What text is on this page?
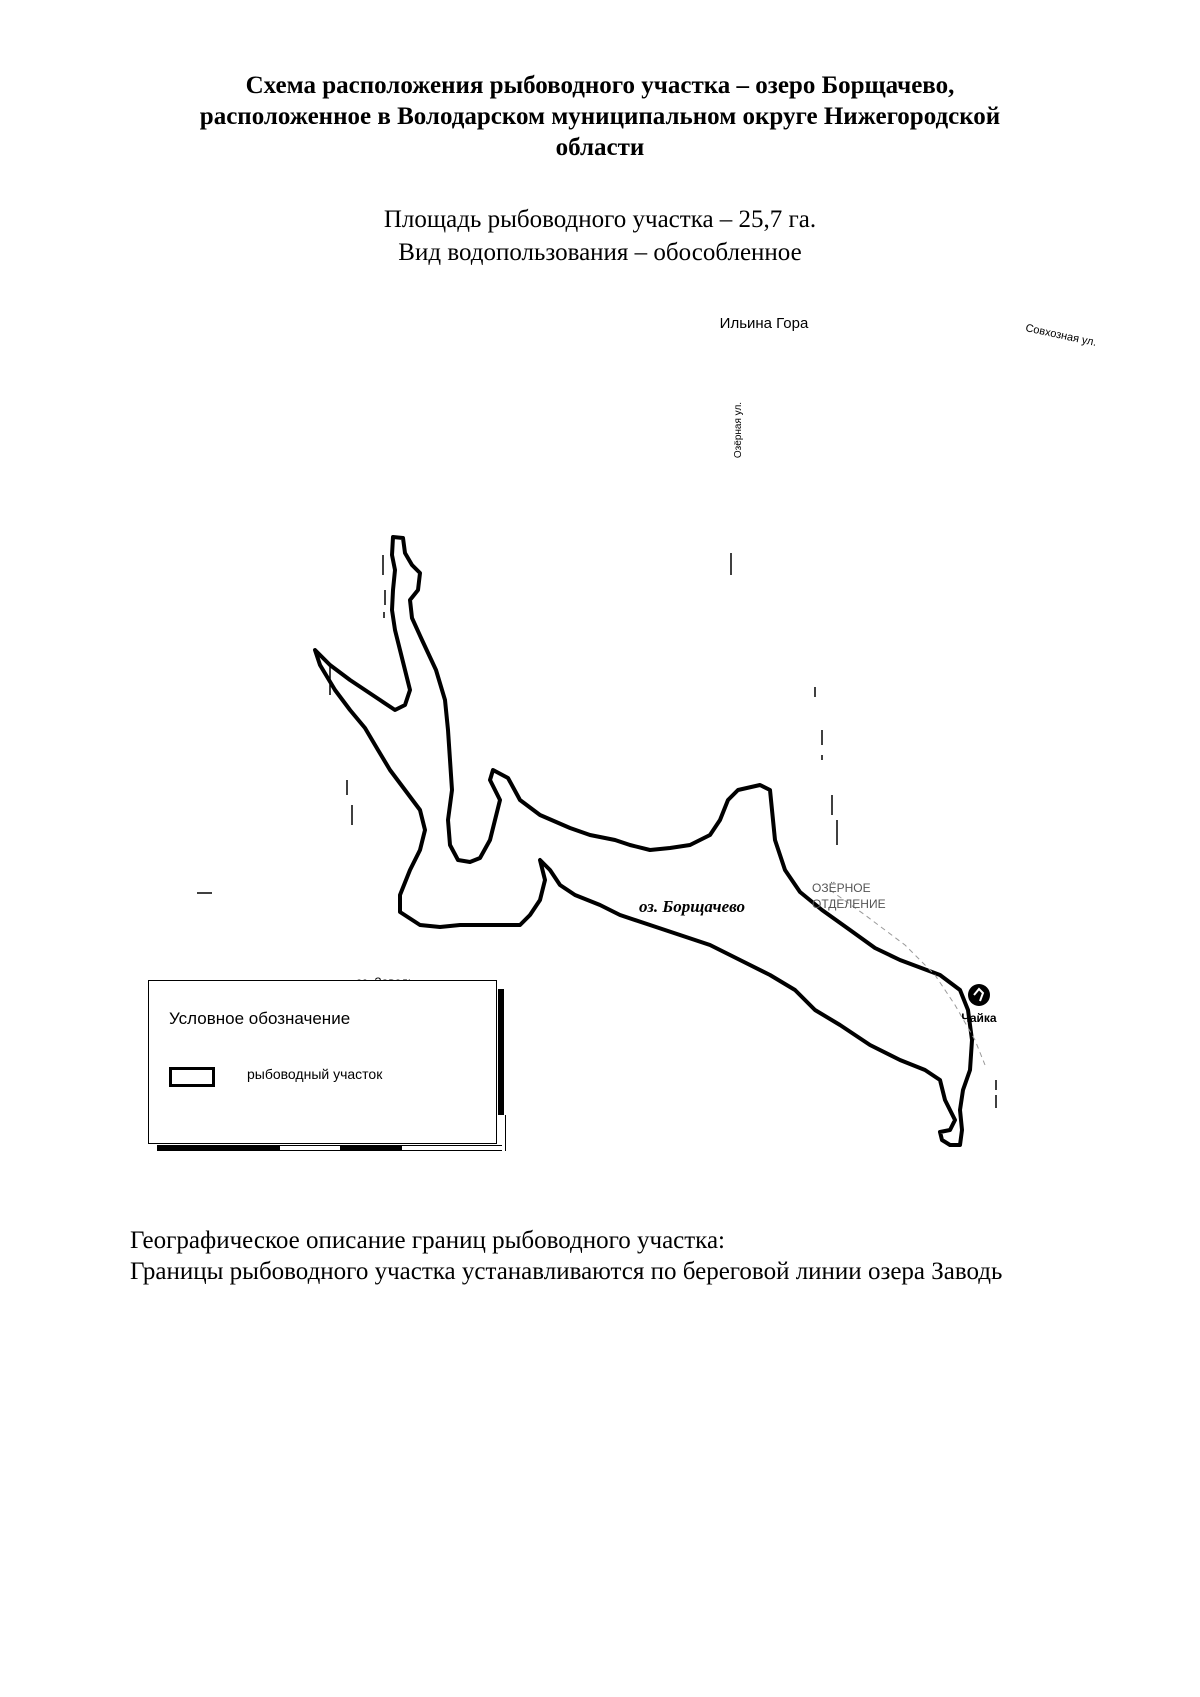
Схема расположения рыбоводного участка – озеро Борщачево,
расположенное в Володарском муниципальном округе Нижегородской
области
Площадь рыбоводного участка – 25,7 га.
Вид водопользования – обособленное
Ильина Гора	Совхозная ул.
Озёрная ул.
оз. Борщачево
ОЗЁРНОЕ
ОТДЕЛЕНИЕ
Чайка
Условное обозначение
рыбоводный участок
Географическое описание границ рыбоводного участка:
Границы рыбоводного участка устанавливаются по береговой линии озера Заводь
